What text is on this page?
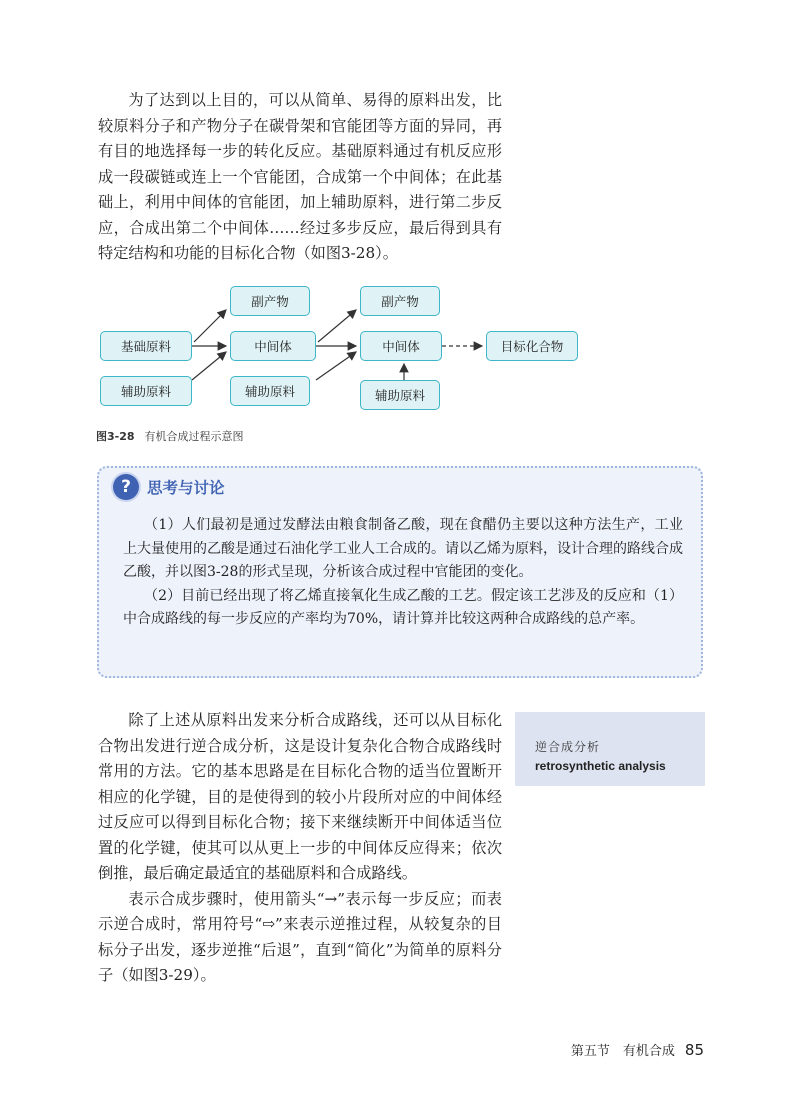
为了达到以上目的，可以从简单、易得的原料出发，比较原料分子和产物分子在碳骨架和官能团等方面的异同，再有目的地选择每一步的转化反应。基础原料通过有机反应形成一段碳链或连上一个官能团，合成第一个中间体；在此基础上，利用中间体的官能团，加上辅助原料，进行第二步反应，合成出第二个中间体……经过多步反应，最后得到具有特定结构和功能的目标化合物（如图3-28）。

基础原料
辅助原料
副产物
中间体
辅助原料
副产物
中间体
辅助原料
目标化合物
图3-28 有机合成过程示意图
?	思考与讨论

（1）人们最初是通过发酵法由粮食制备乙酸，现在食醋仍主要以这种方法生产，工业上大量使用的乙酸是通过石油化学工业人工合成的。请以乙烯为原料，设计合理的路线合成乙酸，并以图3-28的形式呈现，分析该合成过程中官能团的变化。

（2）目前已经出现了将乙烯直接氧化生成乙酸的工艺。假定该工艺涉及的反应和（1）中合成路线的每一步反应的产率均为70%，请计算并比较这两种合成路线的总产率。

除了上述从原料出发来分析合成路线，还可以从目标化合物出发进行逆合成分析，这是设计复杂化合物合成路线时常用的方法。它的基本思路是在目标化合物的适当位置断开相应的化学键，目的是使得到的较小片段所对应的中间体经过反应可以得到目标化合物；接下来继续断开中间体适当位置的化学键，使其可以从更上一步的中间体反应得来；依次倒推，最后确定最适宜的基础原料和合成路线。

表示合成步骤时，使用箭头“→”表示每一步反应；而表示逆合成时，常用符号“⇨”来表示逆推过程，从较复杂的目标分子出发，逐步逆推“后退”，直到“简化”为简单的原料分子（如图3-29）。

逆合成分析
retrosynthetic analysis
第五节　有机合成 85
